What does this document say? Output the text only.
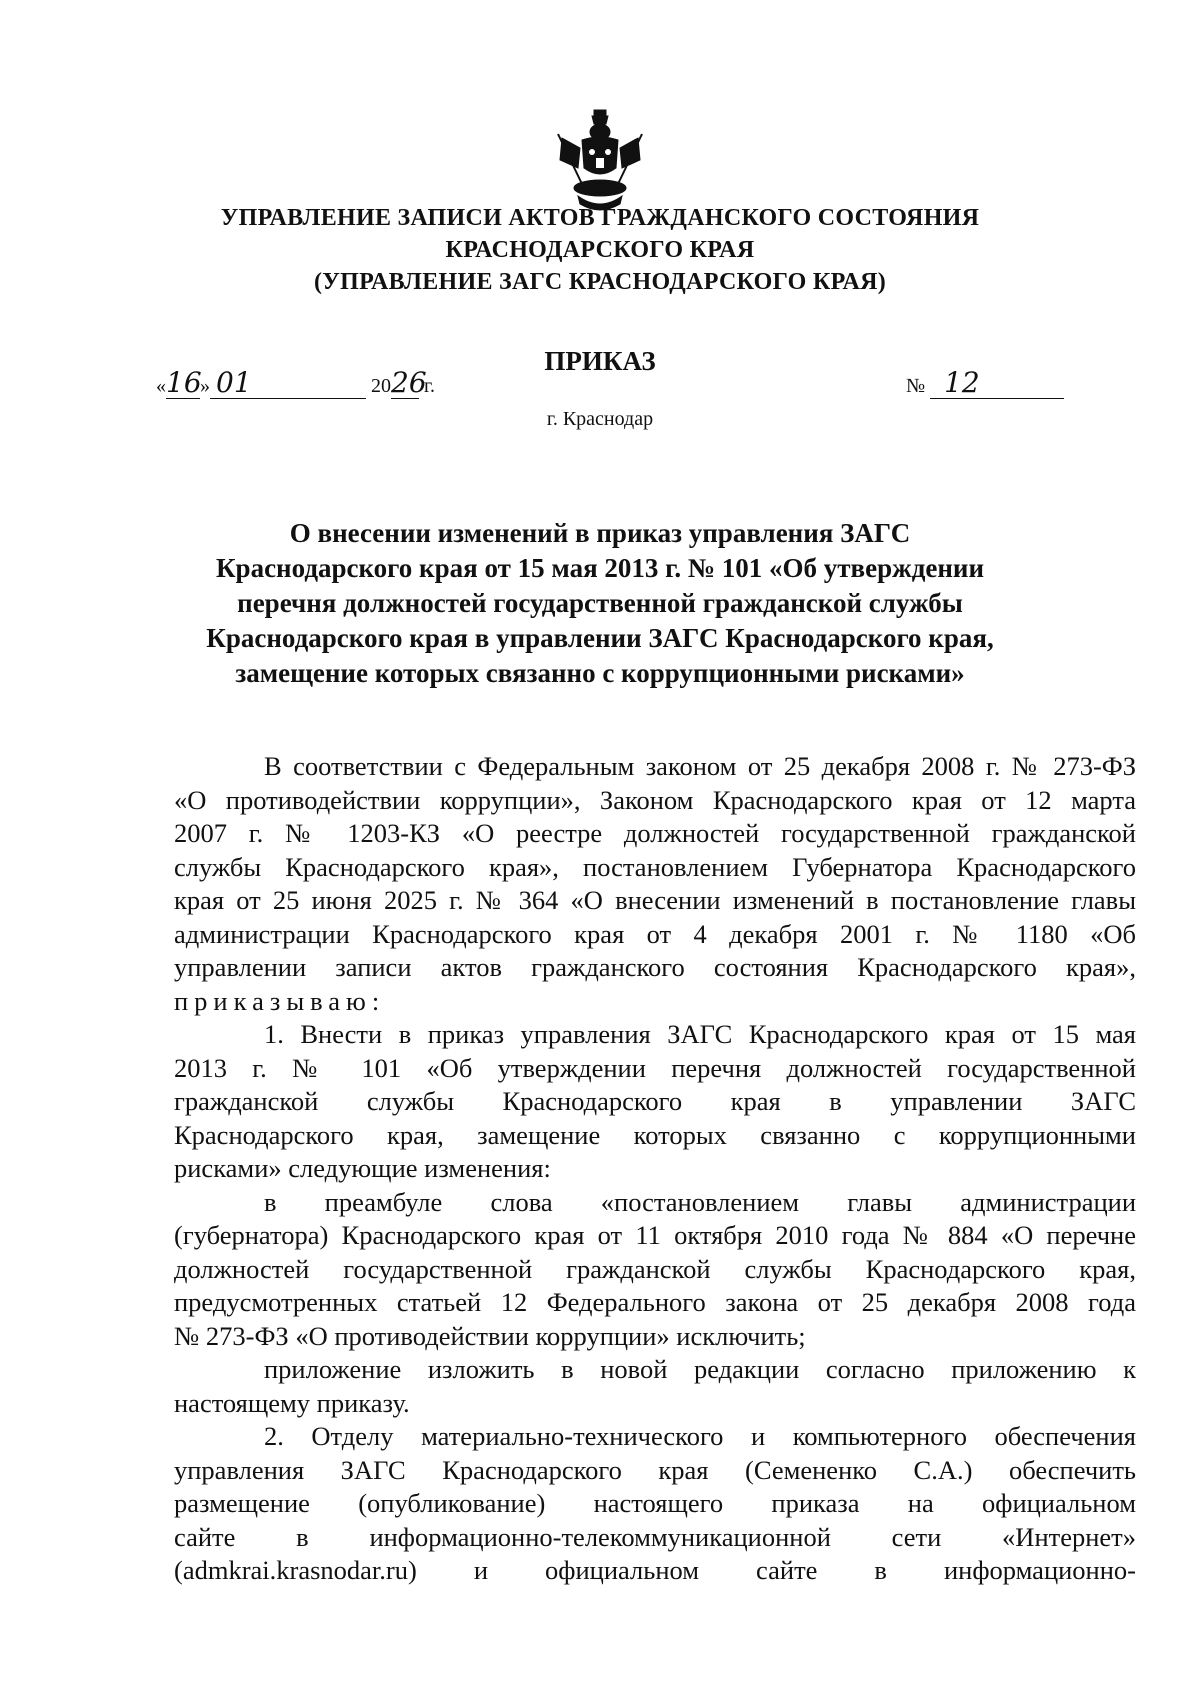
УПРАВЛЕНИЕ ЗАПИСИ АКТОВ ГРАЖДАНСКОГО СОСТОЯНИЯ
КРАСНОДАРСКОГО КРАЯ
(УПРАВЛЕНИЕ ЗАГС КРАСНОДАРСКОГО КРАЯ)
ПРИКАЗ
«16» 01	2026 г.	№ 12
г. Краснодар
О внесении изменений в приказ управления ЗАГС
Краснодарского края от 15 мая 2013 г. № 101 «Об утверждении
перечня должностей государственной гражданской службы
Краснодарского края в управлении ЗАГС Краснодарского края,
замещение которых связанно с коррупционными рисками»
В соответствии с Федеральным законом от 25 декабря 2008 г. № 273-ФЗ
«О противодействии коррупции», Законом Краснодарского края от 12 марта
2007 г. № 1203-КЗ «О реестре должностей государственной гражданской
службы Краснодарского края», постановлением Губернатора Краснодарского
края от 25 июня 2025 г. № 364 «О внесении изменений в постановление главы
администрации Краснодарского края от 4 декабря 2001 г. № 1180 «Об
управлении записи актов гражданского состояния Краснодарского края»,
приказываю:
1. Внести в приказ управления ЗАГС Краснодарского края от 15 мая
2013 г. № 101 «Об утверждении перечня должностей государственной
гражданской службы Краснодарского края в управлении ЗАГС
Краснодарского края, замещение которых связанно с коррупционными
рисками» следующие изменения:
в преамбуле слова «постановлением главы администрации
(губернатора) Краснодарского края от 11 октября 2010 года № 884 «О перечне
должностей государственной гражданской службы Краснодарского края,
предусмотренных статьей 12 Федерального закона от 25 декабря 2008 года
№ 273-ФЗ «О противодействии коррупции» исключить;
приложение изложить в новой редакции согласно приложению к
настоящему приказу.
2. Отделу материально-технического и компьютерного обеспечения
управления ЗАГС Краснодарского края (Семененко С.А.) обеспечить
размещение (опубликование) настоящего приказа на официальном
сайте в информационно-телекоммуникационной сети «Интернет»
(admkrai.krasnodar.ru) и официальном сайте в информационно-
